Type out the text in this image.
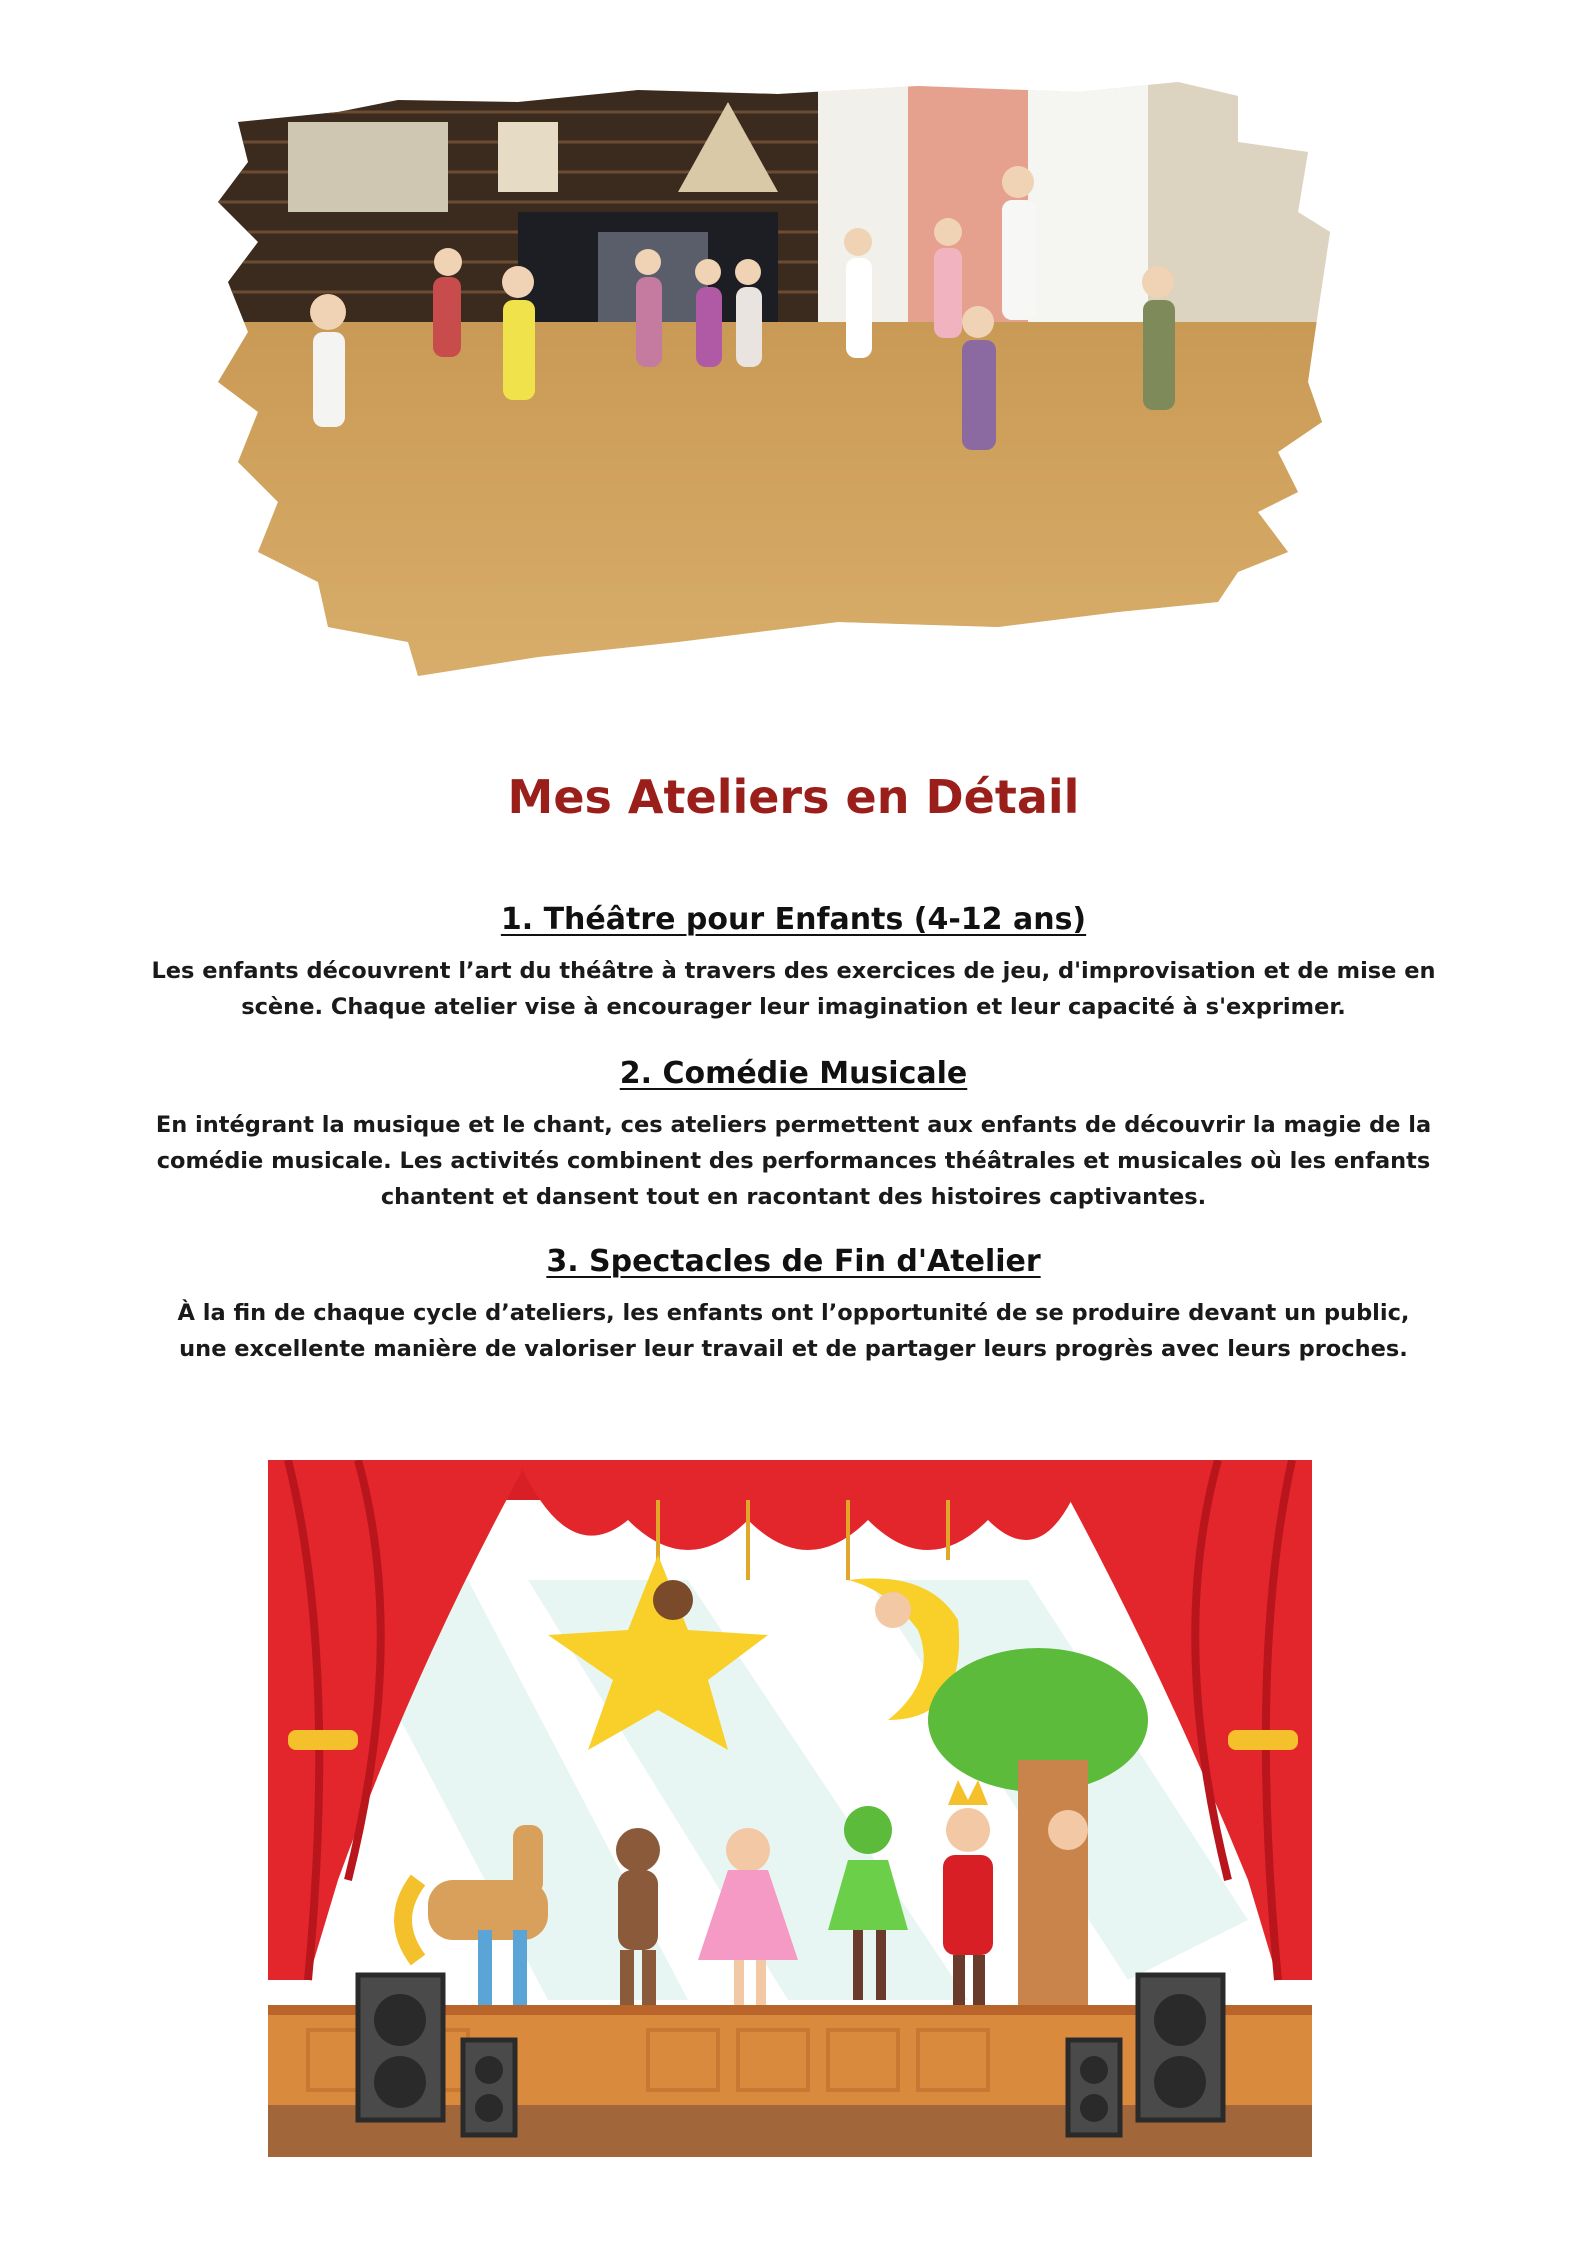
Mes Ateliers en Détail
1. Théâtre pour Enfants (4-12 ans)

Les enfants découvrent l’art du théâtre à travers des exercices de jeu, d'improvisation et de mise en scène. Chaque atelier vise à encourager leur imagination et leur capacité à s'exprimer.

2. Comédie Musicale

En intégrant la musique et le chant, ces ateliers permettent aux enfants de découvrir la magie de la comédie musicale. Les activités combinent des performances théâtrales et musicales où les enfants chantent et dansent tout en racontant des histoires captivantes.

3. Spectacles de Fin d'Atelier

À la fin de chaque cycle d’ateliers, les enfants ont l’opportunité de se produire devant un public, une excellente manière de valoriser leur travail et de partager leurs progrès avec leurs proches.
